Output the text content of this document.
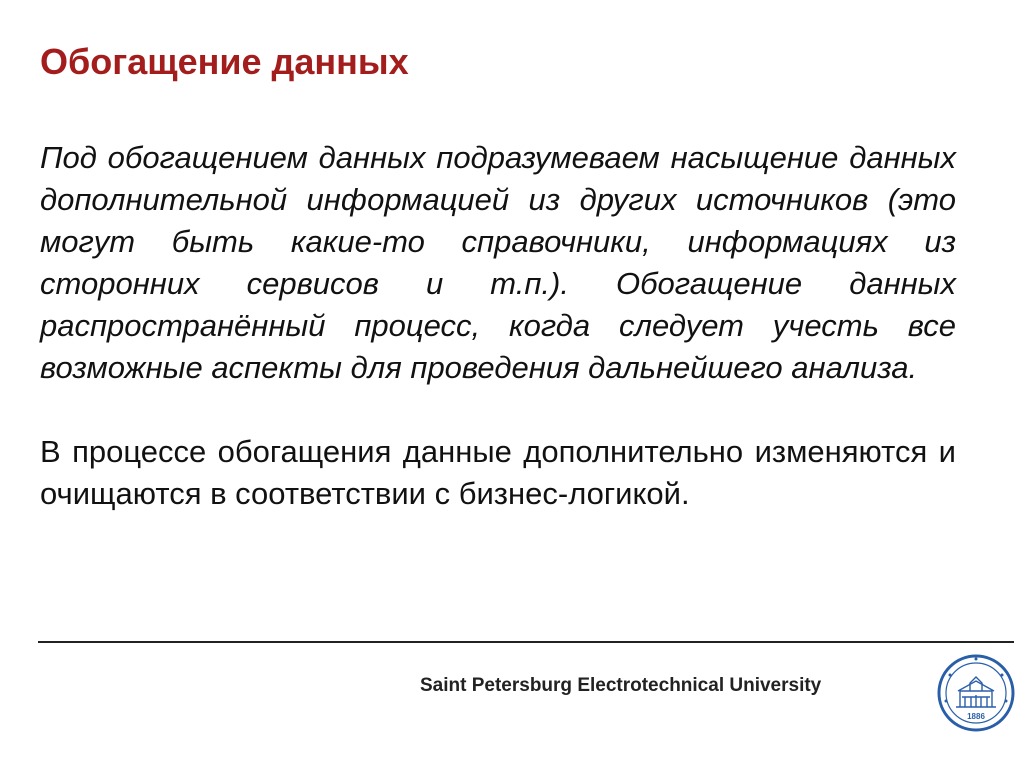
Обогащение данных

Под обогащением данных подразумеваем насыщение данных дополнительной информацией из других источников (это могут быть какие-то справочники, информациях из сторонних сервисов и т.п.). Обогащение данных распространённый процесс, когда следует учесть все возможные аспекты для проведения дальнейшего анализа.

В процессе обогащения данные дополнительно изменяются и очищаются в соответствии с бизнес-логикой.

Saint Petersburg Electrotechnical University
1886
